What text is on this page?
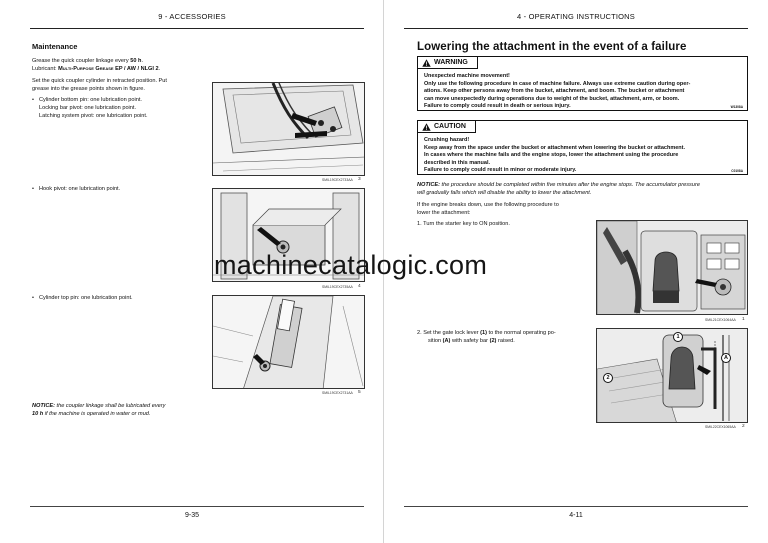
9 - ACCESSORIES
Maintenance
Grease the quick coupler linkage every 50 h.
Lubricant: Multi-Purpose Grease EP / AW / NLGI 2.
Set the quick coupler cylinder in retracted position. Put
grease into the grease points shown in figure.
• Cylinder bottom pin: one lubrication point.
Locking bar pivot: one lubrication point.
Latching system pivot: one lubrication point.
SMIL19CEX2733AA 3
• Hook pivot: one lubrication point.
SMIL19CEX2735AA 4
• Cylinder top pin: one lubrication point.
SMIL19CEX2731AA 5
NOTICE: the coupler linkage shall be lubricated every
10 h if the machine is operated in water or mud.
9-35
4 - OPERATING INSTRUCTIONS
Lowering the attachment in the event of a failure
WARNING
Unexpected machine movement!
Only use the following procedure in case of machine failure. Always use extreme caution during oper-
ations. Keep other persons away from the bucket, attachment, and boom. The bucket or attachment
can move unexpectedly during operations due to weight of the bucket, attachment, arm, or boom.
Failure to comply could result in death or serious injury.	W1308A
CAUTION
Crushing hazard!
Keep away from the space under the bucket or attachment when lowering the bucket or attachment.
In cases where the machine fails and the engine stops, lower the attachment using the procedure
described in this manual.
Failure to comply could result in minor or moderate injury.	C0108A
NOTICE: the procedure should be completed within five minutes after the engine stops. The accumulator pressure
will gradually falls which will disable the ability to lower the attachment.
If the engine breaks down, use the following procedure to
lower the attachment:
1. Turn the starter key to ON position.
SMIL21CEX1064AA 1
2. Set the gate lock lever (1) to the normal operating po-
sition (A) with safety bar (2) raised.
1
2
A
SMIL22CEX1065AA 2
4-11
machinecatalogic.com
